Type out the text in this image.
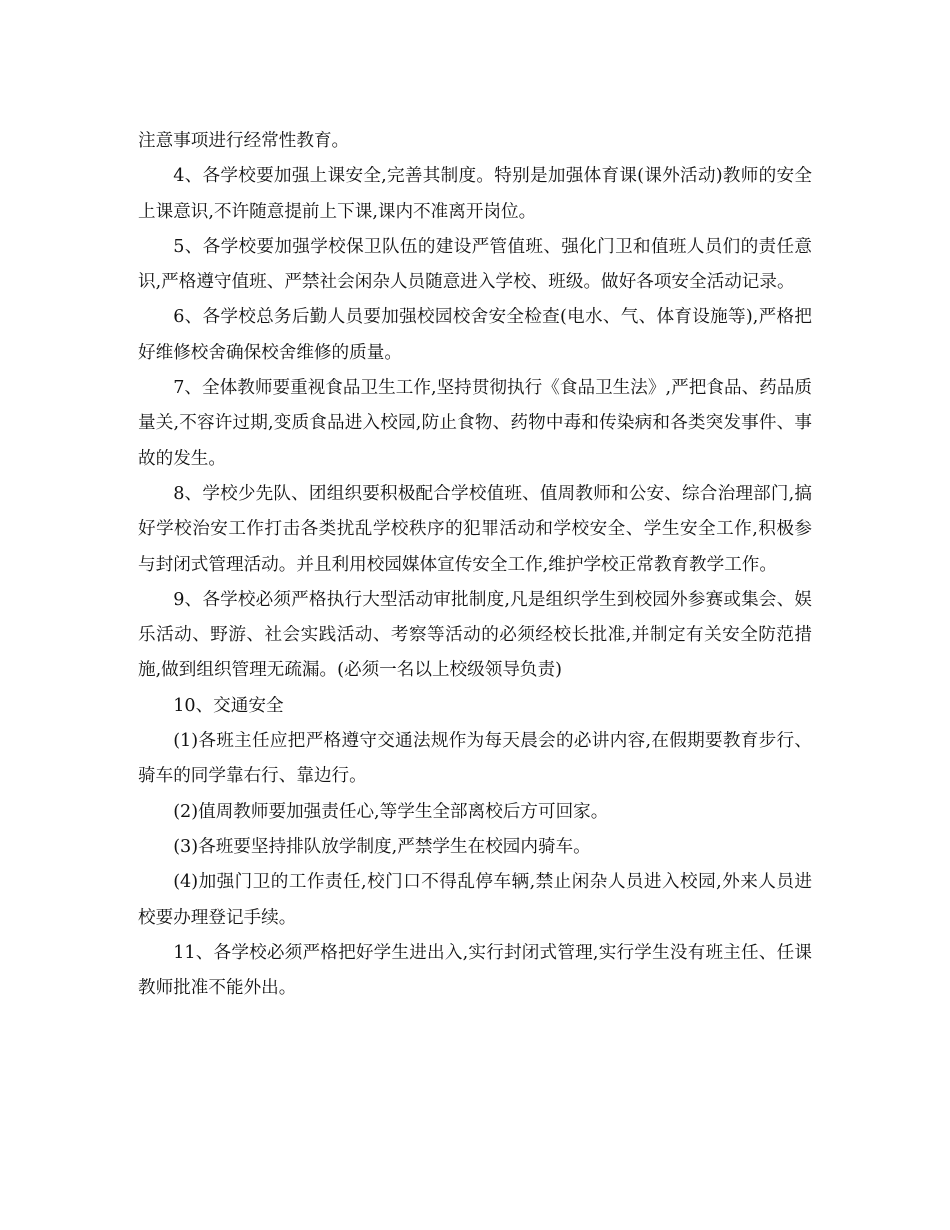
注意事项进行经常性教育。

4、各学校要加强上课安全,完善其制度。特别是加强体育课(课外活动)教师的安全上课意识,不许随意提前上下课,课内不准离开岗位。

5、各学校要加强学校保卫队伍的建设严管值班、强化门卫和值班人员们的责任意识,严格遵守值班、严禁社会闲杂人员随意进入学校、班级。做好各项安全活动记录。

6、各学校总务后勤人员要加强校园校舍安全检查(电水、气、体育设施等),严格把好维修校舍确保校舍维修的质量。

7、全体教师要重视食品卫生工作,坚持贯彻执行《食品卫生法》,严把食品、药品质量关,不容许过期,变质食品进入校园,防止食物、药物中毒和传染病和各类突发事件、事故的发生。

8、学校少先队、团组织要积极配合学校值班、值周教师和公安、综合治理部门,搞好学校治安工作打击各类扰乱学校秩序的犯罪活动和学校安全、学生安全工作,积极参与封闭式管理活动。并且利用校园媒体宣传安全工作,维护学校正常教育教学工作。

9、各学校必须严格执行大型活动审批制度,凡是组织学生到校园外参赛或集会、娱乐活动、野游、社会实践活动、考察等活动的必须经校长批准,并制定有关安全防范措施,做到组织管理无疏漏。(必须一名以上校级领导负责)

10、交通安全

(1)各班主任应把严格遵守交通法规作为每天晨会的必讲内容,在假期要教育步行、骑车的同学靠右行、靠边行。

(2)值周教师要加强责任心,等学生全部离校后方可回家。

(3)各班要坚持排队放学制度,严禁学生在校园内骑车。

(4)加强门卫的工作责任,校门口不得乱停车辆,禁止闲杂人员进入校园,外来人员进校要办理登记手续。

11、各学校必须严格把好学生进出入,实行封闭式管理,实行学生没有班主任、任课教师批准不能外出。
